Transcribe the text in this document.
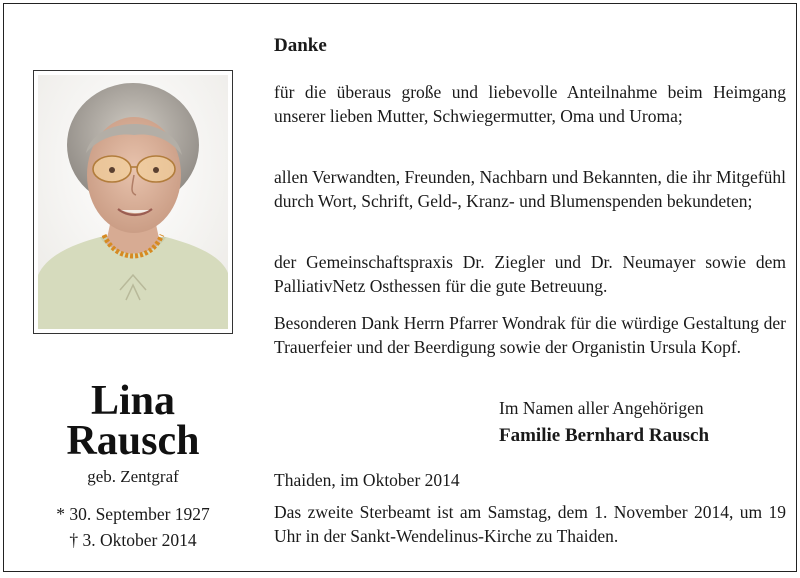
Lina
Rausch
geb. Zentgraf
* 30. September 1927
† 3. Oktober 2014
Danke

für die überaus große und liebevolle Anteilnahme beim Heimgang unserer lieben Mutter, Schwiegermutter, Oma und Uroma;

allen Verwandten, Freunden, Nachbarn und Bekannten, die ihr Mitgefühl durch Wort, Schrift, Geld-, Kranz- und Blumenspenden bekundeten;

der Gemeinschaftspraxis Dr. Ziegler und Dr. Neumayer sowie dem PalliativNetz Osthessen für die gute Betreuung.

Besonderen Dank Herrn Pfarrer Wondrak für die würdige Gestaltung der Trauerfeier und der Beerdigung sowie der Organistin Ursula Kopf.

Im Namen aller Angehörigen
Familie Bernhard Rausch
Thaiden, im Oktober 2014

Das zweite Sterbeamt ist am Samstag, dem 1. November 2014, um 19 Uhr in der Sankt-Wendelinus-Kirche zu Thaiden.
